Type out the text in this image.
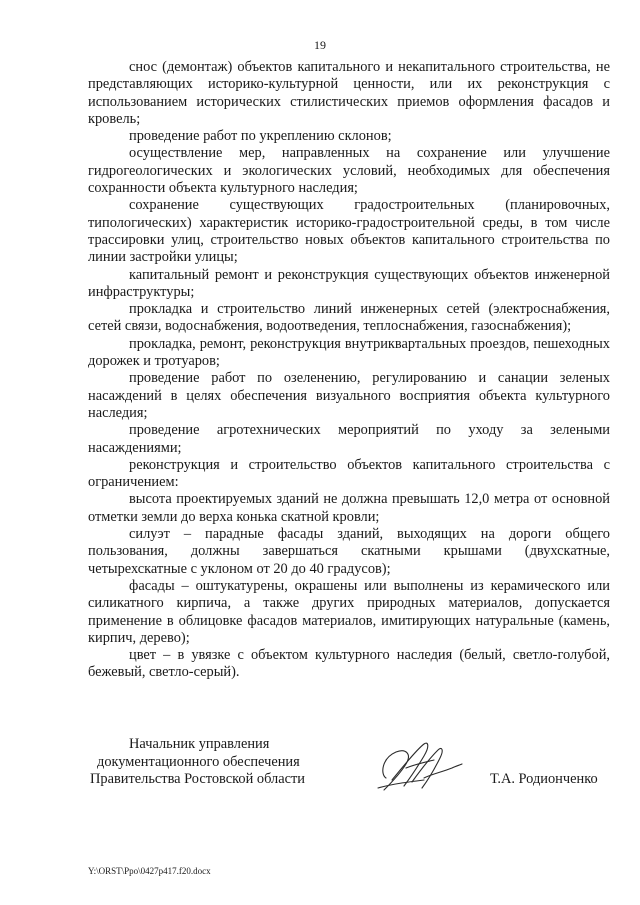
19

снос (демонтаж) объектов капитального и некапитального строительства, не представляющих историко-культурной ценности, или их реконструкция с использованием исторических стилистических приемов оформления фасадов и кровель;

проведение работ по укреплению склонов;

осуществление мер, направленных на сохранение или улучшение гидрогеологических и экологических условий, необходимых для обеспечения сохранности объекта культурного наследия;

сохранение существующих градостроительных (планировочных, типологических) характеристик историко-градостроительной среды, в том числе трассировки улиц, строительство новых объектов капитального строительства по линии застройки улицы;

капитальный ремонт и реконструкция существующих объектов инженерной инфраструктуры;

прокладка и строительство линий инженерных сетей (электроснабжения, сетей связи, водоснабжения, водоотведения, теплоснабжения, газоснабжения);

прокладка, ремонт, реконструкция внутриквартальных проездов, пешеходных дорожек и тротуаров;

проведение работ по озеленению, регулированию и санации зеленых насаждений в целях обеспечения визуального восприятия объекта культурного наследия;

проведение агротехнических мероприятий по уходу за зелеными насаждениями;

реконструкция и строительство объектов капитального строительства с ограничением:

высота проектируемых зданий не должна превышать 12,0 метра от основной отметки земли до верха конька скатной кровли;

силуэт – парадные фасады зданий, выходящих на дороги общего пользования, должны завершаться скатными крышами (двухскатные, четырехскатные с уклоном от 20 до 40 градусов);

фасады – оштукатурены, окрашены или выполнены из керамического или силикатного кирпича, а также других природных материалов, допускается применение в облицовке фасадов материалов, имитирующих натуральные (камень, кирпич, дерево);

цвет – в увязке с объектом культурного наследия (белый, светло-голубой, бежевый, светло-серый).

Начальник управления
документационного обеспечения
Правительства Ростовской области	Т.А. Родионченко
Y:\ORST\Ppo\0427p417.f20.docx
